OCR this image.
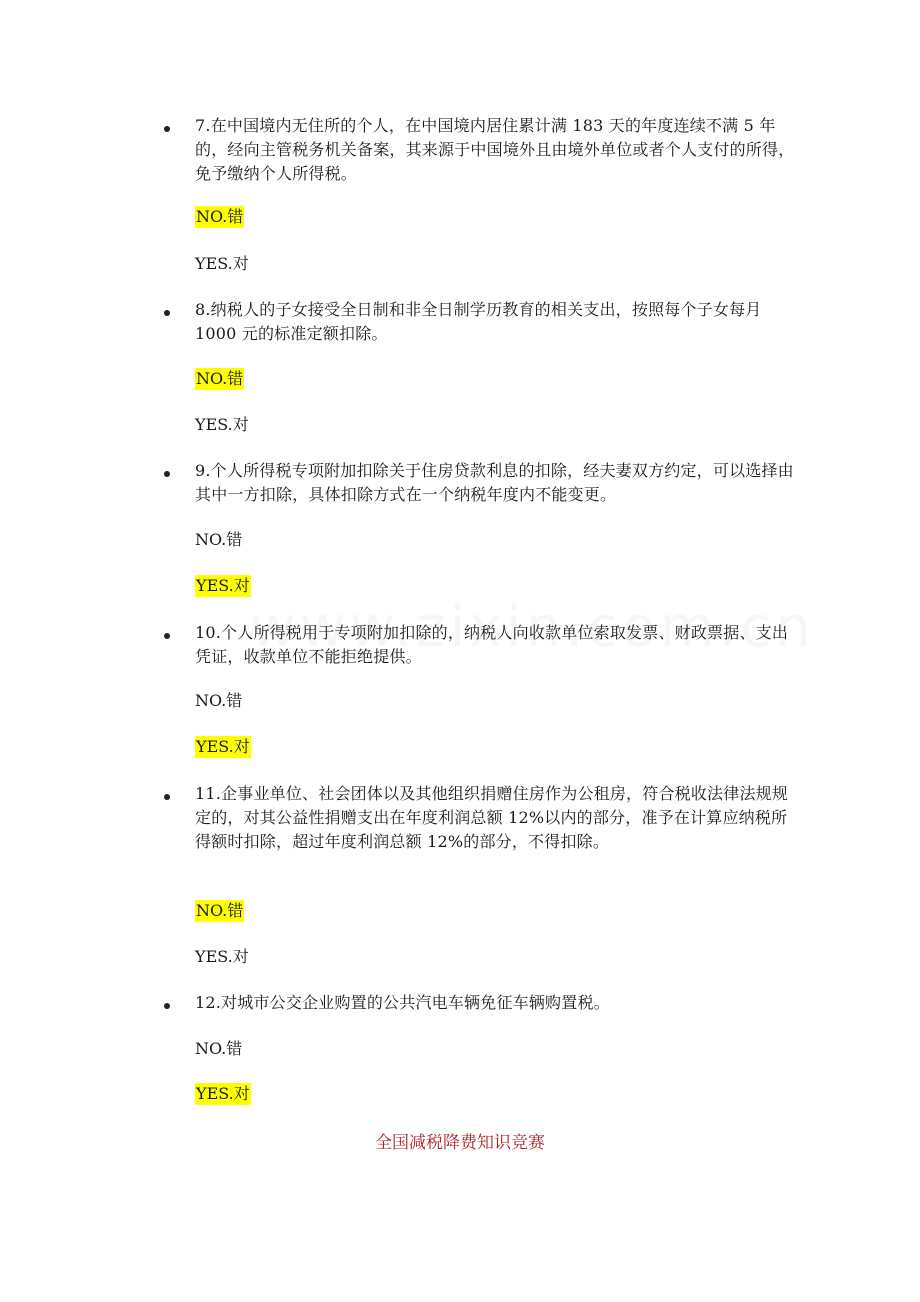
7.在中国境内无住所的个人，在中国境内居住累计满 183 天的年度连续不满 5 年的，经向主管税务机关备案，其来源于中国境外且由境外单位或者个人支付的所得，免予缴纳个人所得税。
NO.错
YES.对
8.纳税人的子女接受全日制和非全日制学历教育的相关支出，按照每个子女每月 1000 元的标准定额扣除。
NO.错
YES.对
9.个人所得税专项附加扣除关于住房贷款利息的扣除，经夫妻双方约定，可以选择由其中一方扣除，具体扣除方式在一个纳税年度内不能变更。
NO.错
YES.对
10.个人所得税用于专项附加扣除的，纳税人向收款单位索取发票、财政票据、支出凭证，收款单位不能拒绝提供。
NO.错
YES.对
11.企事业单位、社会团体以及其他组织捐赠住房作为公租房，符合税收法律法规规定的，对其公益性捐赠支出在年度利润总额 12%以内的部分，准予在计算应纳税所得额时扣除，超过年度利润总额 12%的部分，不得扣除。
NO.错
YES.对
12.对城市公交企业购置的公共汽电车辆免征车辆购置税。
NO.错
YES.对
全国减税降费知识竞赛
